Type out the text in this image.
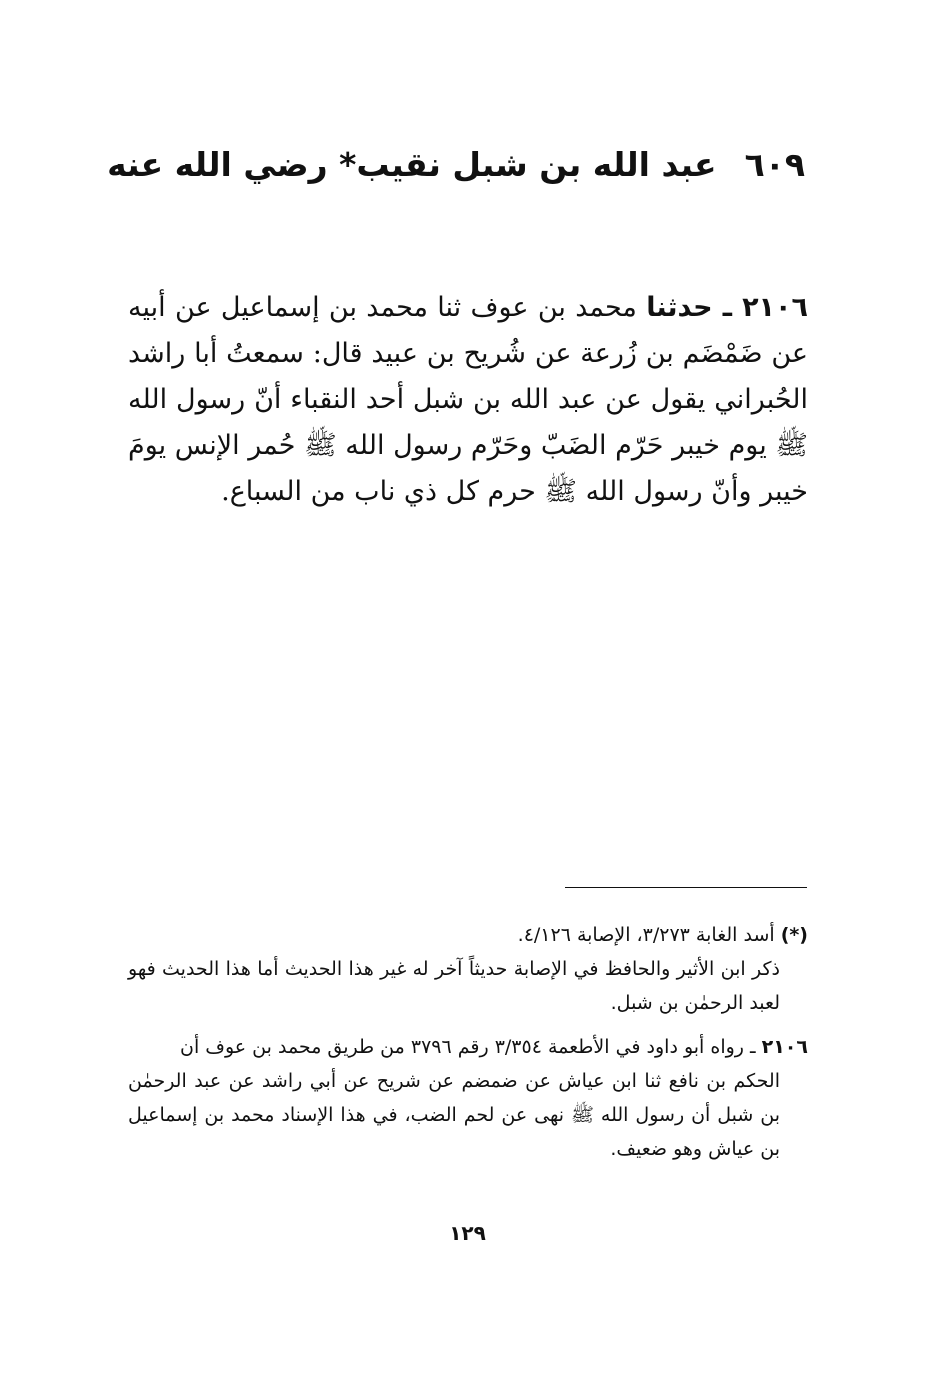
٦٠٩عبد الله بن شبل نقيب* رضي الله عنه
٢١٠٦ ـ حدثنا محمد بن عوف ثنا محمد بن إسماعيل عن أبيه عن ضَمْضَم بن زُرعة عن شُريح بن عبيد قال: سمعتُ أبا راشد الحُبراني يقول عن عبد الله بن شبل أحد النقباء أنّ رسول الله ﷺ يوم خيبر حَرّم الضَبّ وحَرّم رسول الله ﷺ حُمر الإنس يومَ خيبر وأنّ رسول الله ﷺ حرم كل ذي ناب من السباع.

(*) أسد الغابة ٣/٢٧٣، الإصابة ٤/١٢٦.

ذكر ابن الأثير والحافظ في الإصابة حديثاً آخر له غير هذا الحديث أما هذا الحديث فهو لعبد الرحمٰن بن شبل.

٢١٠٦ ـ رواه أبو داود في الأطعمة ٣/٣٥٤ رقم ٣٧٩٦ من طريق محمد بن عوف أن

الحكم بن نافع ثنا ابن عياش عن ضمضم عن شريح عن أبي راشد عن عبد الرحمٰن بن شبل أن رسول الله ﷺ نهى عن لحم الضب، في هذا الإسناد محمد بن إسماعيل بن عياش وهو ضعيف.

١٢٩
